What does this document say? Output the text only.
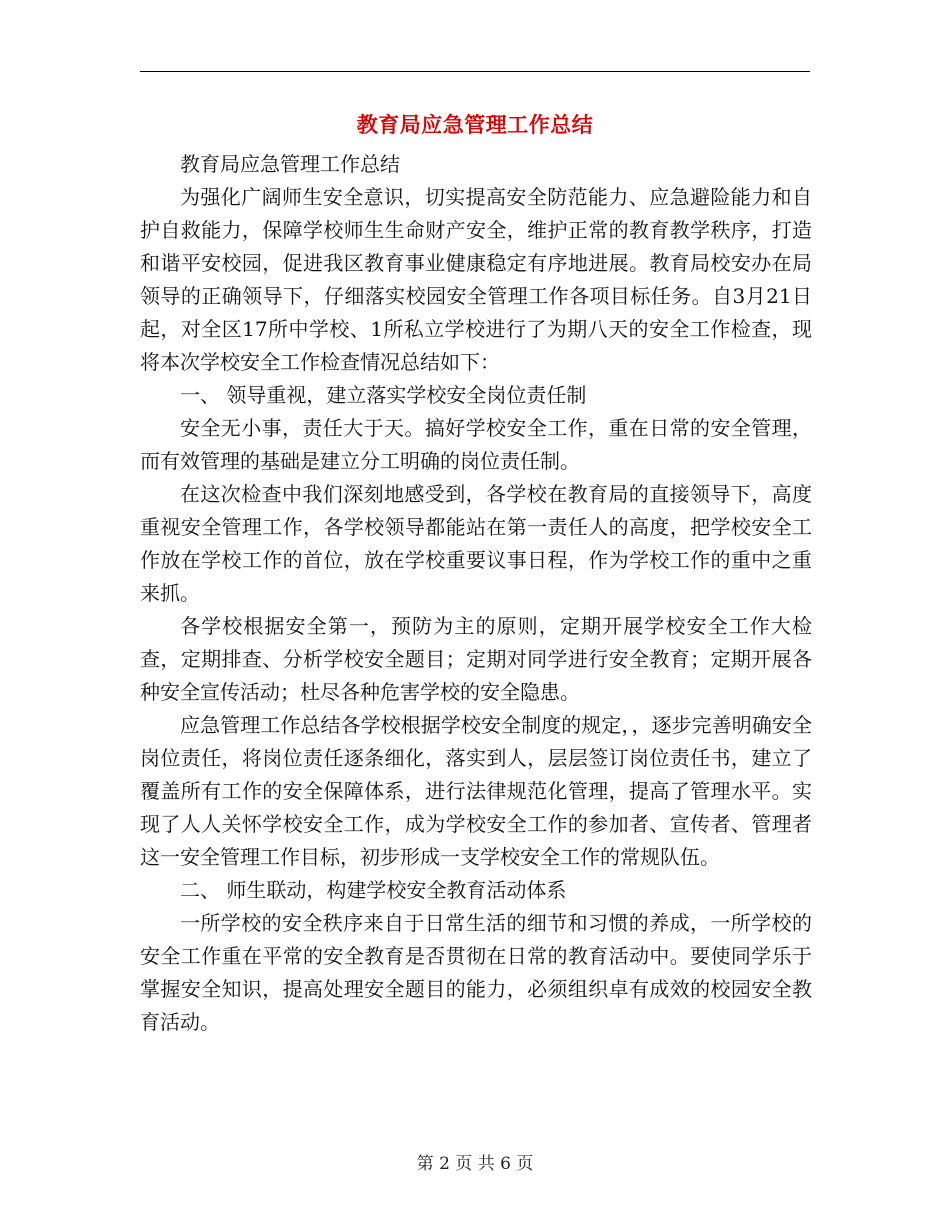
教育局应急管理工作总结

教育局应急管理工作总结

为强化广阔师生安全意识，切实提高安全防范能力、应急避险能力和自护自救能力，保障学校师生生命财产安全，维护正常的教育教学秩序，打造和谐平安校园，促进我区教育事业健康稳定有序地进展。教育局校安办在局领导的正确领导下，仔细落实校园安全管理工作各项目标任务。自3月21日起，对全区17所中学校、1所私立学校进行了为期八天的安全工作检查，现将本次学校安全工作检查情况总结如下：

一、 领导重视，建立落实学校安全岗位责任制

安全无小事，责任大于天。搞好学校安全工作，重在日常的安全管理，而有效管理的基础是建立分工明确的岗位责任制。

在这次检查中我们深刻地感受到，各学校在教育局的直接领导下，高度重视安全管理工作，各学校领导都能站在第一责任人的高度，把学校安全工作放在学校工作的首位，放在学校重要议事日程，作为学校工作的重中之重来抓。

各学校根据安全第一，预防为主的原则，定期开展学校安全工作大检查，定期排查、分析学校安全题目；定期对同学进行安全教育；定期开展各种安全宣传活动；杜尽各种危害学校的安全隐患。

应急管理工作总结各学校根据学校安全制度的规定，，逐步完善明确安全岗位责任，将岗位责任逐条细化，落实到人，层层签订岗位责任书，建立了覆盖所有工作的安全保障体系，进行法律规范化管理，提高了管理水平。实现了人人关怀学校安全工作，成为学校安全工作的参加者、宣传者、管理者这一安全管理工作目标，初步形成一支学校安全工作的常规队伍。

二、 师生联动，构建学校安全教育活动体系

一所学校的安全秩序来自于日常生活的细节和习惯的养成，一所学校的安全工作重在平常的安全教育是否贯彻在日常的教育活动中。要使同学乐于掌握安全知识，提高处理安全题目的能力，必须组织卓有成效的校园安全教育活动。

第 2 页 共 6 页
